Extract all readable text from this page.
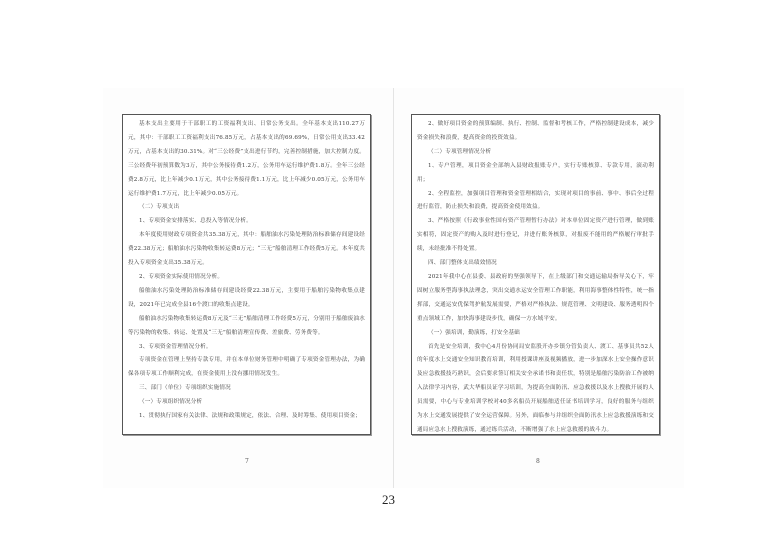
基本支出主要用于干部职工的工资福利支出、日常公务支出。全年基本支出110.27万元，其中：干部职工工资福利支出76.85万元，占基本支出的69.69%，日常公用支出33.42万元，占基本支出的30.31%。对“三公经费”支出进行节约，完善控制措施，加大控制力度。三公经费年初预算数为3万，其中公务接待费1.2万，公务用车运行维护费1.8万。全年三公经费2.8万元，比上年减少0.1万元，其中公务接待费1.1万元，比上年减少0.05万元，公务用车运行维护费1.7万元，比上年减少0.05万元。

（二）专项支出

1、专项资金安排落实、总投入等情况分析。

本年度使用财政专项资金共35.38万元，其中：船舶油水污染处理防治标准储存间建设经费22.38万元；船舶油水污染物收集转运费8万元；“三无”船舶清理工作经费5万元。本年度共投入专项资金支出35.38万元。

2、专项资金实际使用情况分析。

船舶油水污染处理防治标准储存间建设经费22.38万元，主要用于船舶污染物收集点建设，2021年已完成全县16个渡口的收集点建设。

船舶油水污染物收集转运费8万元及“三无”船舶清理工作经费5万元，分别用于船舶废油水等污染物的收集、转运、处置及“三无”船舶清理宣传费、差旅费、劳务费等。

3、专项资金管理情况分析。

专项资金在管理上坚持专款专用，并在本单位财务管理中明确了专项资金管理办法，为确保各项专项工作顺利完成，在资金使用上没有挪用情况发生。

三、部门（单位）专项组织实施情况

（一）专项组织情况分析

1、贯彻执行国家有关法律、法规和政策规定，依法、合理、及时筹集、使用项目资金；

7

2、做好项目资金的预算编制、执行、控制、监督和考核工作，严格控制建设成本，减少资金损失和浪费，提高资金的投资效益。

（二）专项管理情况分析

1、专户管理，项目资金全部纳入县财政报账专户，实行专账核算、专款专用，滚动利用；

2、全程监控，加强项目管理和资金管理相结合，实现对项目的事前、事中、事后全过程进行监管，防止损失和浪费，提高资金使用效益。

3、严格按照《行政事业性国有资产管理暂行办法》对本单位固定资产进行管理，做到账实相符，固定资产的购入及时进行登记，并进行账务核算，对报废不能用的严格履行审批手续，未经批准不得处置。

四、部门整体支出绩效情况

2021年我中心在县委、县政府的坚强领导下，在上级部门和交通运输局指导关心下，牢固树立服务型海事执法理念，突出交通水运安全管理工作职能，利用海事整体性特性，统一指挥部，交通运安优保驾护航发展需要，严格对严格执法、规范管理、文明建设、服务透明四个重点领域工作，加快海事建设步伐，确保一方水域平安。

（一）强培训，勤演练，打安全基础

首先是安全培训，我中心4月份协同局安监股开办乡镇分管负责人、渡工、基事员共52人的年度水上交通安全知识教育培训，利用授课讲座及视频播放，进一步加深水上安全操作意识及应急救援技巧熟识，会后要求签订相关安全承诺书和责任状，特别是船舶污染防治工作被纳入法律学习内容，武大华船员证学习培训，为提高全面防汛、应急救援以及水上搜救开展的人员需要，中心与专业培训学校对40多名船员开展船舶适任证书培训学习，良好的服务与组织为水上交通发展提供了安全运营保障。另外，面临参与并组织全面防汛水上应急救援演练和交通局应急水上搜救演练，通过练兵活动，不断增强了水上应急救援的战斗力。

8
23
